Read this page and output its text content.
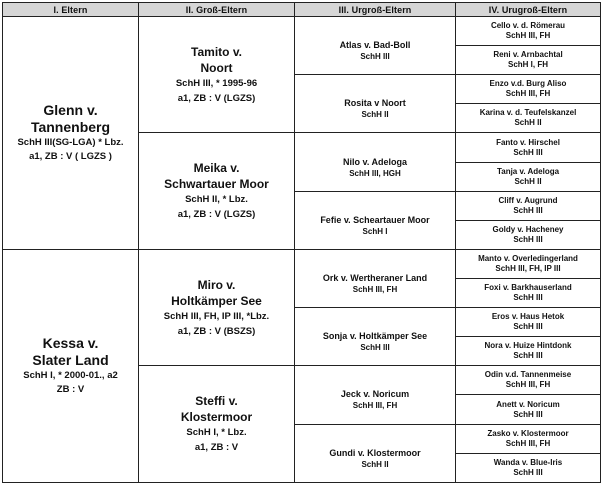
I. Eltern	II. Groß-Eltern	III. Urgroß-Eltern	IV. Urugroß-Eltern

Glenn v.
Tannenberg
SchH III(SG-LGA) * Lbz.
a1, ZB : V ( LGZS )	Tamito v.
Noort
SchH III, * 1995-96
a1, ZB : V (LGZS)	Atlas v. Bad-Boll
SchH III	Cello v. d. Römerau
SchH III, FH

			Reni v. Arnbachtal
SchH I, FH

		Rosita v Noort
SchH II	Enzo v.d. Burg Aliso
SchH III, FH

			Karina v. d. Teufelskanzel
SchH II

	Meika v.
Schwartauer Moor
SchH II, * Lbz.
a1, ZB : V (LGZS)	Nilo v. Adeloga
SchH III, HGH	Fanto v. Hirschel
SchH III

			Tanja v. Adeloga
SchH II

		Fefie v. Scheartauer Moor
SchH I	Cliff v. Augrund
SchH III

			Goldy v. Hacheney
SchH III

Kessa v.
Slater Land
SchH I, * 2000-01., a2
ZB : V	Miro v.
Holtkämper See
SchH III, FH, IP III, *Lbz.
a1, ZB : V (BSZS)	Ork v. Wertheraner Land
SchH III, FH	Manto v. Overledingerland
SchH III, FH, IP III

			Foxi v. Barkhauserland
SchH III

		Sonja v. Holtkämper See
SchH III	Eros v. Haus Hetok
SchH III

			Nora v. Huize Hintdonk
SchH III

	Steffi v.
Klostermoor
SchH I, * Lbz.
a1, ZB : V	Jeck v. Noricum
SchH III, FH	Odin v.d. Tannenmeise
SchH III, FH

			Anett v. Noricum
SchH III

		Gundi v. Klostermoor
SchH II	Zasko v. Klostermoor
SchH III, FH

			Wanda v. Blue-Iris
SchH III
